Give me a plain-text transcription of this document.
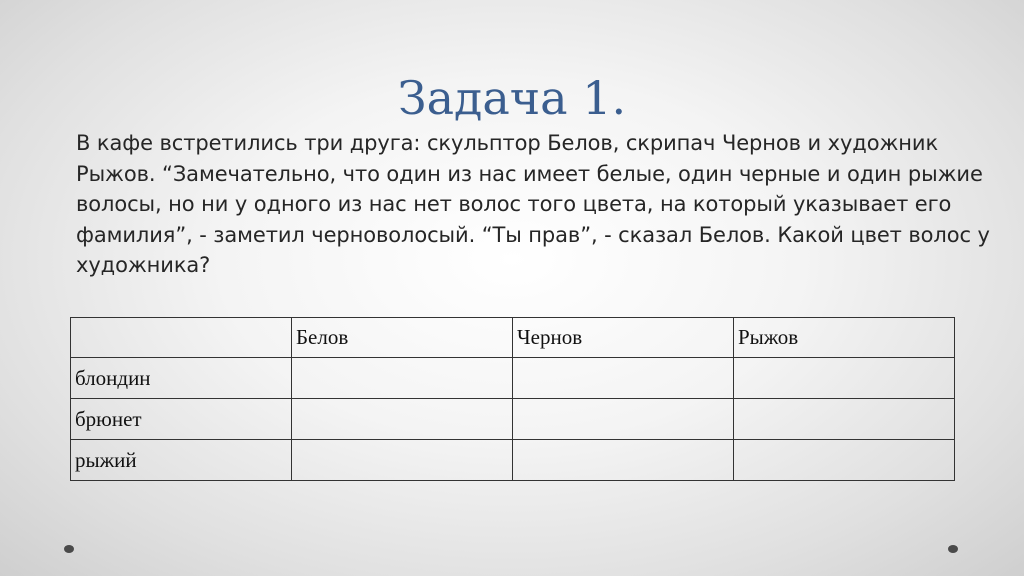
Задача 1.

В кафе встретились три друга: скульптор Белов, скрипач Чернов и художник Рыжов. “Замечательно, что один из нас имеет белые, один черные и один рыжие волосы, но ни у одного из нас нет волос того цвета, на который указывает его фамилия”, - заметил черноволосый. “Ты прав”, - сказал Белов. Какой цвет волос у художника?

	Белов	Чернов	Рыжов
блондин			
брюнет			
рыжий			
